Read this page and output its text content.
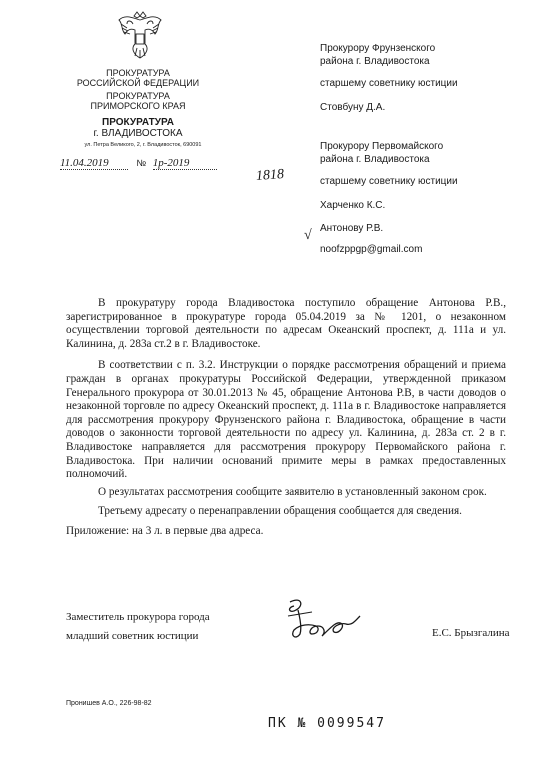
ПРОКУРАТУРА
РОССИЙСКОЙ ФЕДЕРАЦИИ
ПРОКУРАТУРА
ПРИМОРСКОГО КРАЯ
ПРОКУРАТУРА
г. ВЛАДИВОСТОКА
ул. Петра Великого, 2, г. Владивосток, 690091
11.04.2019	№ 1р-2019
1818
Прокурору Фрунзенского
района г. Владивостока
старшему советнику юстиции
Стовбуну Д.А.
Прокурору Первомайского
района г. Владивостока
старшему советнику юстиции
Харченко К.С.
√ Антонову Р.В.
noofzppgp@gmail.com

В прокуратуру города Владивостока поступило обращение Антонова Р.В., зарегистрированное в прокуратуре города 05.04.2019 за № 1201, о незаконном осуществлении торговой деятельности по адресам Океанский проспект, д. 111а и ул. Калинина, д. 283а ст.2 в г. Владивостоке.

В соответствии с п. 3.2. Инструкции о порядке рассмотрения обращений и приема граждан в органах прокуратуры Российской Федерации, утвержденной приказом Генерального прокурора от 30.01.2013 № 45, обращение Антонова Р.В, в части доводов о незаконной торговле по адресу Океанский проспект, д. 111а в г. Владивостоке направляется для рассмотрения прокурору Фрунзенского района г. Владивостока, обращение в части доводов о законности торговой деятельности по адресу ул. Калинина, д. 283а ст. 2 в г. Владивостоке направляется для рассмотрения прокурору Первомайского района г. Владивостока. При наличии оснований примите меры в рамках предоставленных полномочий.

О результатах рассмотрения сообщите заявителю в установленный законом срок.

Третьему адресату о перенаправлении обращения сообщается для сведения.

Приложение: на 3 л. в первые два адреса.
Заместитель прокурора города
младший советник юстиции	Е.С. Брызгалина
Пронишев А.О., 226-98-82
ПК № 0099547
